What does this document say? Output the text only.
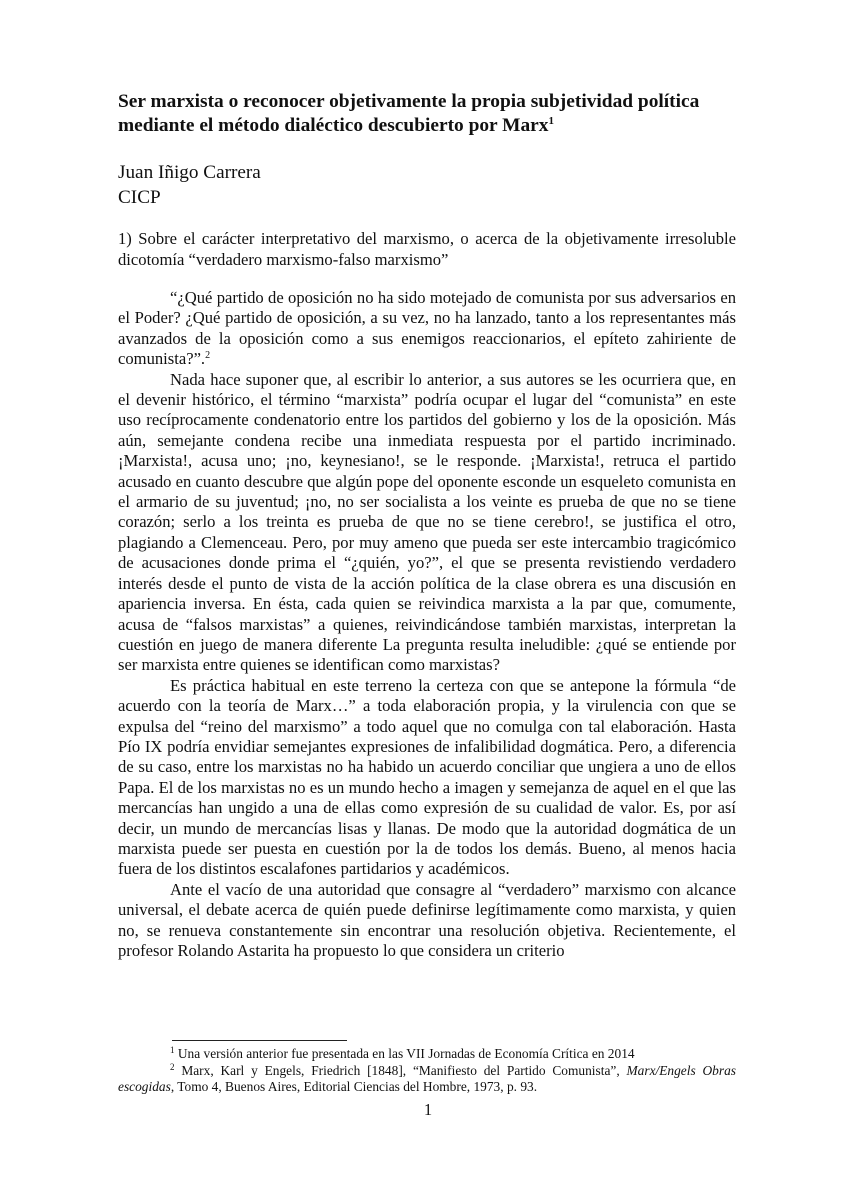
Ser marxista o reconocer objetivamente la propia subjetividad política mediante el método dialéctico descubierto por Marx$^1$
Juan Iñigo Carrera
CICP
1) Sobre el carácter interpretativo del marxismo, o acerca de la objetivamente irresoluble dicotomía “verdadero marxismo-falso marxismo”

“¿Qué partido de oposición no ha sido motejado de comunista por sus adversarios en el Poder? ¿Qué partido de oposición, a su vez, no ha lanzado, tanto a los representantes más avanzados de la oposición como a sus enemigos reaccionarios, el epíteto zahiriente de comunista?”.$^2$

Nada hace suponer que, al escribir lo anterior, a sus autores se les ocurriera que, en el devenir histórico, el término “marxista” podría ocupar el lugar del “comunista” en este uso recíprocamente condenatorio entre los partidos del gobierno y los de la oposición. Más aún, semejante condena recibe una inmediata respuesta por el partido incriminado. ¡Marxista!, acusa uno; ¡no, keynesiano!, se le responde. ¡Marxista!, retruca el partido acusado en cuanto descubre que algún pope del oponente esconde un esqueleto comunista en el armario de su juventud; ¡no, no ser socialista a los veinte es prueba de que no se tiene corazón; serlo a los treinta es prueba de que no se tiene cerebro!, se justifica el otro, plagiando a Clemenceau. Pero, por muy ameno que pueda ser este intercambio tragicómico de acusaciones donde prima el “¿quién, yo?”, el que se presenta revistiendo verdadero interés desde el punto de vista de la acción política de la clase obrera es una discusión en apariencia inversa. En ésta, cada quien se reivindica marxista a la par que, comumente, acusa de “falsos marxistas” a quienes, reivindicándose también marxistas, interpretan la cuestión en juego de manera diferente La pregunta resulta ineludible: ¿qué se entiende por ser marxista entre quienes se identifican como marxistas?

Es práctica habitual en este terreno la certeza con que se antepone la fórmula “de acuerdo con la teoría de Marx…” a toda elaboración propia, y la virulencia con que se expulsa del “reino del marxismo” a todo aquel que no comulga con tal elaboración. Hasta Pío IX podría envidiar semejantes expresiones de infalibilidad dogmática. Pero, a diferencia de su caso, entre los marxistas no ha habido un acuerdo conciliar que ungiera a uno de ellos Papa. El de los marxistas no es un mundo hecho a imagen y semejanza de aquel en el que las mercancías han ungido a una de ellas como expresión de su cualidad de valor. Es, por así decir, un mundo de mercancías lisas y llanas. De modo que la autoridad dogmática de un marxista puede ser puesta en cuestión por la de todos los demás. Bueno, al menos hacia fuera de los distintos escalafones partidarios y académicos.

Ante el vacío de una autoridad que consagre al “verdadero” marxismo con alcance universal, el debate acerca de quién puede definirse legítimamente como marxista, y quien no, se renueva constantemente sin encontrar una resolución objetiva. Recientemente, el profesor Rolando Astarita ha propuesto lo que considera un criterio

$^1$ Una versión anterior fue presentada en las VII Jornadas de Economía Crítica en 2014

$^2$ Marx, Karl y Engels, Friedrich [1848], “Manifiesto del Partido Comunista”, Marx/Engels Obras escogidas, Tomo 4, Buenos Aires, Editorial Ciencias del Hombre, 1973, p. 93.

1
